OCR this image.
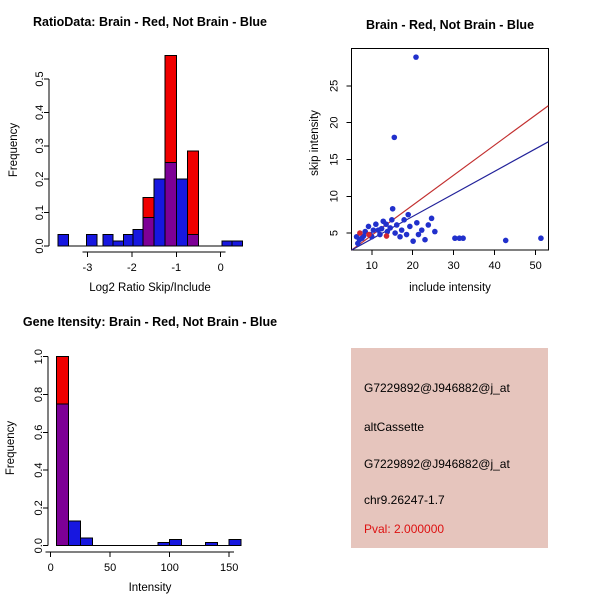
RatioData: Brain - Red, Not Brain - Blue
Frequency
Log2 Ratio Skip/Include
-3	-2	-1	0
0.0
0.1
0.2
0.3
0.4
0.5
Brain - Red, Not Brain - Blue
skip intensity
include intensity
10	20	30	40	50
5
10
15
20
25
Gene Itensity: Brain - Red, Not Brain - Blue
Frequency
Intensity
0	50	100	150
0.0
0.2
0.4
0.6
0.8
1.0
G7229892@J946882@j_at
altCassette
G7229892@J946882@j_at
chr9.26247-1.7
Pval: 2.000000
